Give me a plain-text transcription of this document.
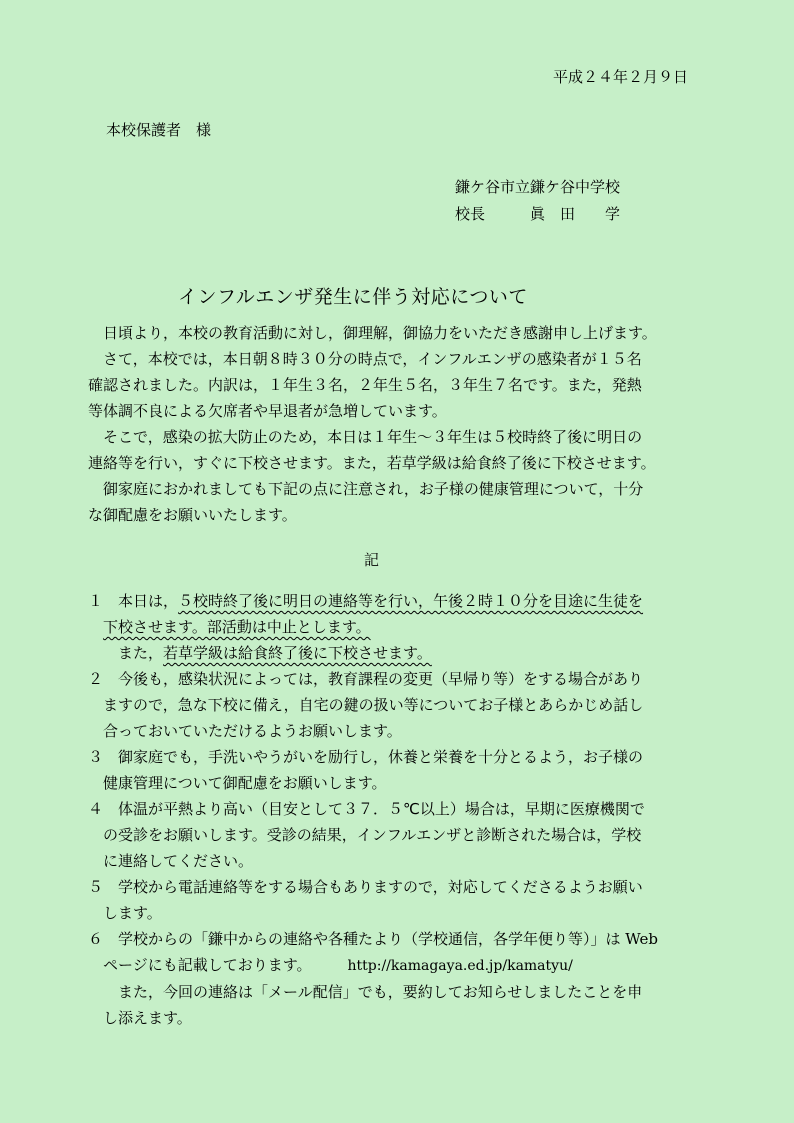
平成２４年２月９日
本校保護者　様
鎌ケ谷市立鎌ケ谷中学校
校長　　　眞　田　　学
インフルエンザ発生に伴う対応について
　日頃より，本校の教育活動に対し，御理解，御協力をいただき感謝申し上げます。
　さて，本校では，本日朝８時３０分の時点で，インフルエンザの感染者が１５名
確認されました。内訳は，１年生３名，２年生５名，３年生７名です。また，発熱
等体調不良による欠席者や早退者が急増しています。
　そこで，感染の拡大防止のため，本日は１年生～３年生は５校時終了後に明日の
連絡等を行い，すぐに下校させます。また，若草学級は給食終了後に下校させます。
　御家庭におかれましても下記の点に注意され，お子様の健康管理について，十分
な御配慮をお願いいたします。
記
１　本日は，５校時終了後に明日の連絡等を行い，午後２時１０分を目途に生徒を
　下校させます。部活動は中止とします。
　　また，若草学級は給食終了後に下校させます。
２　今後も，感染状況によっては，教育課程の変更（早帰り等）をする場合があり
　ますので，急な下校に備え，自宅の鍵の扱い等についてお子様とあらかじめ話し
　合っておいていただけるようお願いします。
３　御家庭でも，手洗いやうがいを励行し，休養と栄養を十分とるよう，お子様の
　健康管理について御配慮をお願いします。
４　体温が平熱より高い（目安として３７．５℃以上）場合は，早期に医療機関で
　の受診をお願いします。受診の結果，インフルエンザと診断された場合は，学校
　に連絡してください。
５　学校から電話連絡等をする場合もありますので，対応してくださるようお願い
　します。
６　学校からの「鎌中からの連絡や各種たより（学校通信，各学年便り等）」は Web
　ページにも記載しております。	http://kamagaya.ed.jp/kamatyu/
　　また，今回の連絡は「メール配信」でも，要約してお知らせしましたことを申
　し添えます。
